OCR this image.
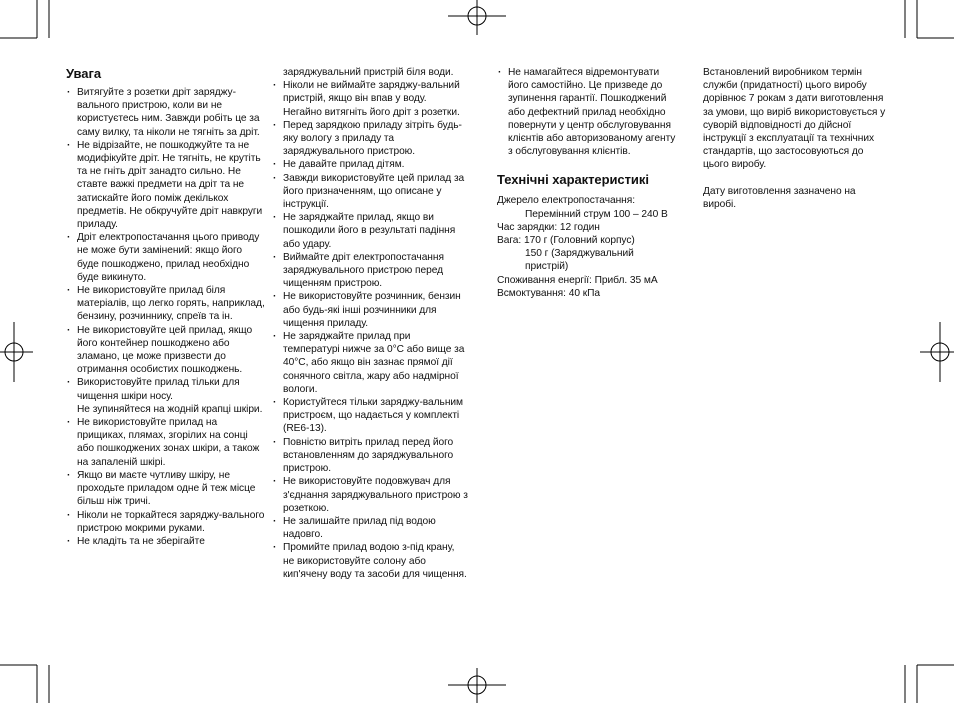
Увага
· Витягуйте з розетки дріт заряджу-вального пристрою, коли ви не користуєтесь ним. Завжди робіть це за саму вилку, та ніколи не тягніть за дріт.
· Не відрізайте, не пошкоджуйте та не модифікуйте дріт. Не тягніть, не крутіть та не гніть дріт занадто сильно. Не ставте важкі предмети на дріт та не затискайте його поміж декількох предметів. Не обкручуйте дріт навкруги приладу.
· Дріт електропостачання цього приводу не може бути замінений: якщо його буде пошкоджено, прилад необхідно буде викинуто.
· Не використовуйте прилад біля матеріалів, що легко горять, наприклад, бензину, розчиннику, спреїв та ін.
· Не використовуйте цей прилад, якщо його контейнер пошкоджено або зламано, це може призвести до отримання особистих пошкоджень.
· Використовуйте прилад тільки для чищення шкіри носу.
Не зупиняйтеся на жодній крапці шкіри.
· Не використовуйте прилад на прищиках, плямах, згорілих на сонці або пошкоджених зонах шкіри, а також на запаленій шкірі.
· Якщо ви маєте чутливу шкіру, не проходьте приладом одне й теж місце більш ніж тричі.
· Ніколи не торкайтеся заряджу-вального пристрою мокрими руками.
· Не кладіть та не зберігайте
заряджувальний пристрій біля води.
· Ніколи не виймайте заряджу-вальний пристрій, якщо він впав у воду. Негайно витягніть його дріт з розетки.
· Перед зарядкою приладу зітріть будь-яку вологу з приладу та заряджувального пристрою.
· Не давайте прилад дітям.
· Завжди використовуйте цей прилад за його призначенням, що описане у інструкції.
· Не заряджайте прилад, якщо ви пошкодили його в результаті падіння або удару.
· Виймайте дріт електропостачання заряджувального пристрою перед чищенням пристрою.
· Не використовуйте розчинник, бензин або будь-які інші розчинники для чищення приладу.
· Не заряджайте прилад при температурі нижче за 0°С або вище за 40°С, або якщо він зазнає прямої дії сонячного світла, жару або надмірної вологи.
· Користуйтеся тільки заряджу-вальним пристроєм, що надається у комплекті (RE6-13).
· Повністю витріть прилад перед його встановленням до заряджувального пристрою.
· Не використовуйте подовжувач для з'єднання заряджувального пристрою з розеткою.
· Не залишайте прилад під водою надовго.
· Промийте прилад водою з-під крану, не використовуйте солону або кип'ячену воду та засоби для чищення.
· Не намагайтеся відремонтувати його самостійно. Це призведе до зупинення гарантії. Пошкоджений або дефектний прилад необхідно повернути у центр обслуговування клієнтів або авторизованому агенту з обслуговування клієнтів.
Технічні характеристикі

Джерело електропостачання:

Перемінний струм 100 – 240 В

Час зарядки: 12 годин

Вага: 170 г (Головний корпус)

150 г (Заряджувальний пристрій)

Споживання енергії: Прибл. 35 мА

Всмоктування: 40 кПа

Встановлений виробником термін служби (придатності) цього виробу дорівнює 7 рокам з дати виготовлення за умови, що виріб використовується у суворій відповідності до дійсної інструкції з експлуатації та технічних стандартів, що застосовуються до цього виробу.

Дату виготовлення зазначено на виробі.
